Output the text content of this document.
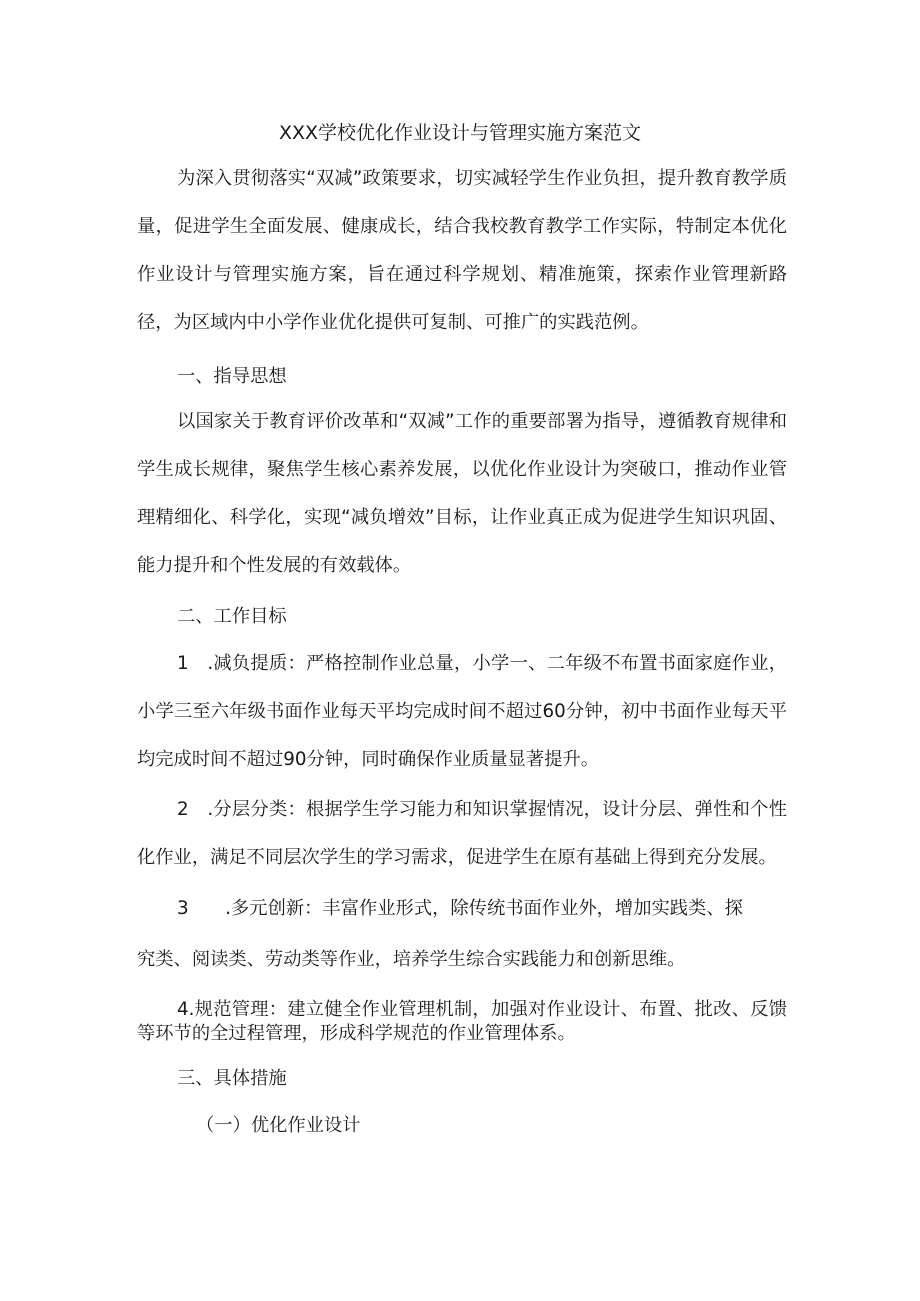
XXX学校优化作业设计与管理实施方案范文

为深入贯彻落实“双减”政策要求，切实减轻学生作业负担，提升教育教学质量，促进学生全面发展、健康成长，结合我校教育教学工作实际，特制定本优化作业设计与管理实施方案，旨在通过科学规划、精准施策，探索作业管理新路径，为区域内中小学作业优化提供可复制、可推广的实践范例。

一、指导思想

以国家关于教育评价改革和“双减”工作的重要部署为指导，遵循教育规律和学生成长规律，聚焦学生核心素养发展，以优化作业设计为突破口，推动作业管理精细化、科学化，实现“减负增效”目标，让作业真正成为促进学生知识巩固、能力提升和个性发展的有效载体。

二、工作目标

1　.减负提质：严格控制作业总量，小学一、二年级不布置书面家庭作业，小学三至六年级书面作业每天平均完成时间不超过60分钟，初中书面作业每天平均完成时间不超过90分钟，同时确保作业质量显著提升。

2　.分层分类：根据学生学习能力和知识掌握情况，设计分层、弹性和个性化作业，满足不同层次学生的学习需求，促进学生在原有基础上得到充分发展。

3　　.多元创新：丰富作业形式，除传统书面作业外，增加实践类、探

究类、阅读类、劳动类等作业，培养学生综合实践能力和创新思维。

4.规范管理：建立健全作业管理机制，加强对作业设计、布置、批改、反馈等环节的全过程管理，形成科学规范的作业管理体系。

三、具体措施

（一）优化作业设计
